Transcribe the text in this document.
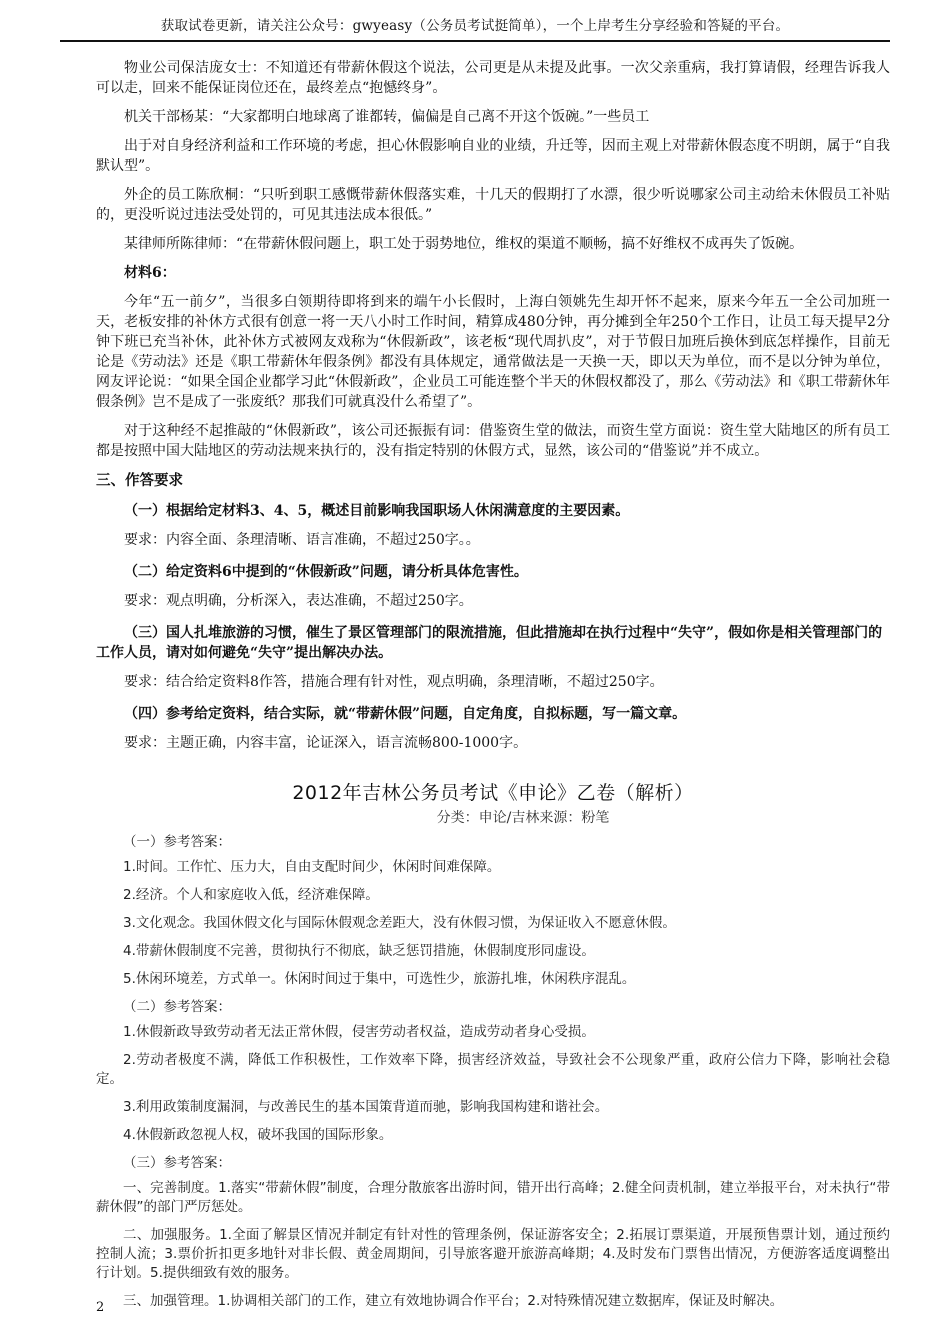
获取试卷更新，请关注公众号：gwyeasy（公务员考试挺简单），一个上岸考生分享经验和答疑的平台。

物业公司保洁庞女士：不知道还有带薪休假这个说法，公司更是从未提及此事。一次父亲重病，我打算请假，经理告诉我人可以走，回来不能保证岗位还在，最终差点“抱憾终身”。

机关干部杨某：“大家都明白地球离了谁都转，偏偏是自己离不开这个饭碗。”一些员工

出于对自身经济利益和工作环境的考虑，担心休假影响自业的业绩，升迁等，因而主观上对带薪休假态度不明朗，属于“自我默认型”。

外企的员工陈欣桐：“只听到职工感慨带薪休假落实难，十几天的假期打了水漂，很少听说哪家公司主动给未休假员工补贴的，更没听说过违法受处罚的，可见其违法成本很低。”

某律师所陈律师：“在带薪休假问题上，职工处于弱势地位，维权的渠道不顺畅，搞不好维权不成再失了饭碗。

材料6：

今年“五一前夕”，当很多白领期待即将到来的端午小长假时，上海白领姚先生却开怀不起来，原来今年五一全公司加班一天，老板安排的补休方式很有创意一将一天八小时工作时间，精算成480分钟，再分摊到全年250个工作日，让员工每天提早2分钟下班已充当补休，此补休方式被网友戏称为“休假新政”，该老板“现代周扒皮”，对于节假日加班后换休到底怎样操作，目前无论是《劳动法》还是《职工带薪休年假条例》都没有具体规定，通常做法是一天换一天，即以天为单位，而不是以分钟为单位，网友评论说：“如果全国企业都学习此“休假新政”，企业员工可能连整个半天的休假权都没了，那么《劳动法》和《职工带薪休年假条例》岂不是成了一张废纸？那我们可就真没什么希望了”。

对于这种经不起推敲的“休假新政”，该公司还振振有词：借鉴资生堂的做法，而资生堂方面说：资生堂大陆地区的所有员工都是按照中国大陆地区的劳动法规来执行的，没有指定特别的休假方式，显然，该公司的“借鉴说”并不成立。

三、作答要求

（一）根据给定材料3、4、5，概述目前影响我国职场人休闲满意度的主要因素。

要求：内容全面、条理清晰、语言准确，不超过250字。。

（二）给定资料6中提到的“休假新政”问题，请分析具体危害性。

要求：观点明确，分析深入，表达准确，不超过250字。

（三）国人扎堆旅游的习惯，催生了景区管理部门的限流措施，但此措施却在执行过程中“失守”，假如你是相关管理部门的工作人员，请对如何避免“失守”提出解决办法。

要求：结合给定资料8作答，措施合理有针对性，观点明确，条理清晰，不超过250字。

（四）参考给定资料，结合实际，就“带薪休假”问题，自定角度，自拟标题，写一篇文章。

要求：主题正确，内容丰富，论证深入，语言流畅800-1000字。

2012年吉林公务员考试《申论》乙卷（解析）
分类：申论/吉林来源：粉笔

（一）参考答案：

1.时间。工作忙、压力大，自由支配时间少，休闲时间难保障。

2.经济。个人和家庭收入低，经济难保障。

3.文化观念。我国休假文化与国际休假观念差距大，没有休假习惯，为保证收入不愿意休假。

4.带薪休假制度不完善，贯彻执行不彻底，缺乏惩罚措施，休假制度形同虚设。

5.休闲环境差，方式单一。休闲时间过于集中，可选性少，旅游扎堆，休闲秩序混乱。

（二）参考答案：

1.休假新政导致劳动者无法正常休假，侵害劳动者权益，造成劳动者身心受损。

2.劳动者极度不满，降低工作积极性，工作效率下降，损害经济效益，导致社会不公现象严重，政府公信力下降，影响社会稳定。

3.利用政策制度漏洞，与改善民生的基本国策背道而驰，影响我国构建和谐社会。

4.休假新政忽视人权，破坏我国的国际形象。

（三）参考答案：

一、完善制度。1.落实“带薪休假”制度，合理分散旅客出游时间，错开出行高峰；2.健全问责机制，建立举报平台，对未执行“带薪休假”的部门严厉惩处。

二、加强服务。1.全面了解景区情况并制定有针对性的管理条例，保证游客安全；2.拓展订票渠道，开展预售票计划，通过预约控制人流；3.票价折扣更多地针对非长假、黄金周期间，引导旅客避开旅游高峰期；4.及时发布门票售出情况，方便游客适度调整出行计划。5.提供细致有效的服务。

三、加强管理。1.协调相关部门的工作，建立有效地协调合作平台；2.对特殊情况建立数据库，保证及时解决。

2
